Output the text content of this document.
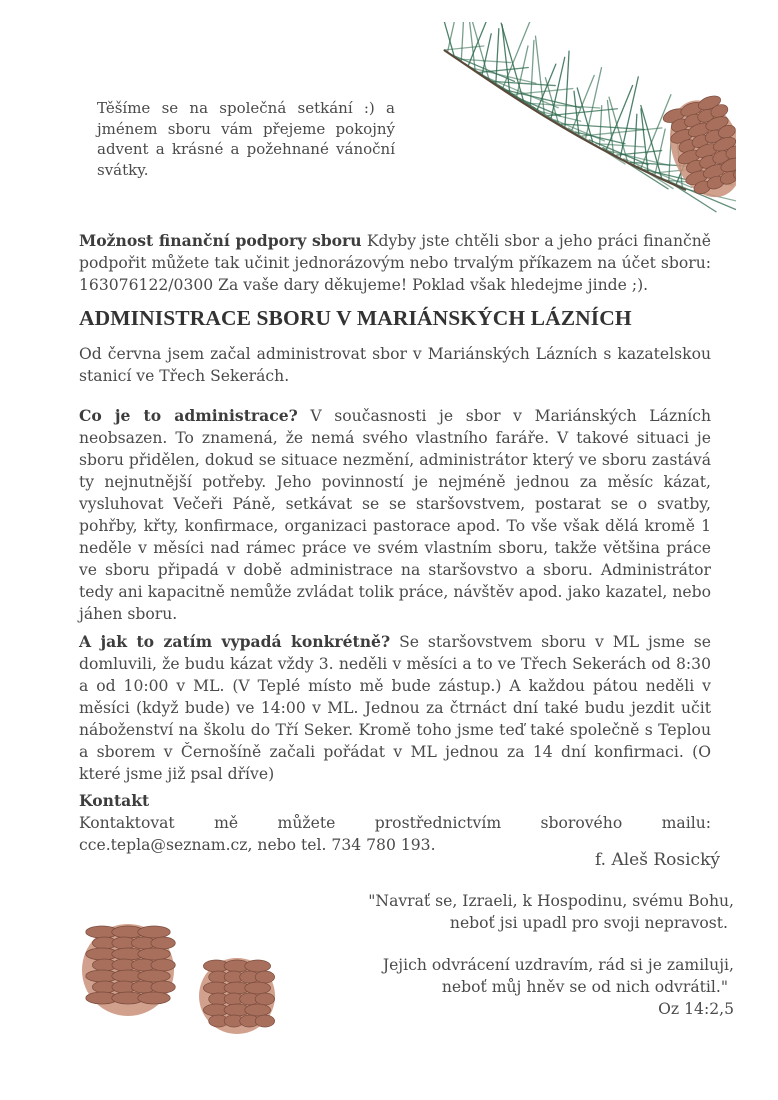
Těšíme se na společná setkání :) a jménem sboru vám přejeme pokojný advent a krásné a požehnané vánoční svátky.

Možnost finanční podpory sboru Kdyby jste chtěli sbor a jeho práci finančně podpořit můžete tak učinit jednorázovým nebo trvalým příkazem na účet sboru: 163076122/0300 Za vaše dary děkujeme! Poklad však hledejme jinde ;).

ADMINISTRACE SBORU V MARIÁNSKÝCH LÁZNÍCH

Od června jsem začal administrovat sbor v Mariánských Lázních s kazatelskou stanicí ve Třech Sekerách.

Co je to administrace? V současnosti je sbor v Mariánských Lázních neobsazen. To znamená, že nemá svého vlastního faráře. V takové situaci je sboru přidělen, dokud se situace nezmění, administrátor který ve sboru zastává ty nejnutnější potřeby. Jeho povinností je nejméně jednou za měsíc kázat, vysluhovat Večeři Páně, setkávat se se staršovstvem, postarat se o svatby, pohřby, křty, konfirmace, organizaci pastorace apod. To vše však dělá kromě 1 neděle v měsíci nad rámec práce ve svém vlastním sboru, takže většina práce ve sboru připadá v době administrace na staršovstvo a sboru. Administrátor tedy ani kapacitně nemůže zvládat tolik práce, návštěv apod. jako kazatel, nebo jáhen sboru.

A jak to zatím vypadá konkrétně? Se staršovstvem sboru v ML jsme se domluvili, že budu kázat vždy 3. neděli v měsíci a to ve Třech Sekerách od 8:30 a od 10:00 v ML. (V Teplé místo mě bude zástup.) A každou pátou neděli v měsíci (když bude) ve 14:00 v ML. Jednou za čtrnáct dní také budu jezdit učit náboženství na školu do Tří Seker. Kromě toho jsme teď také společně s Teplou a sborem v Černošíně začali pořádat v ML jednou za 14 dní konfirmaci. (O které jsme již psal dříve)

Kontakt
Kontaktovat mě můžete prostřednictvím sborového mailu: cce.tepla@seznam.cz, nebo tel. 734 780 193.

f. Aleš Rosický

"Navrať se, Izraeli, k Hospodinu, svému Bohu,
neboť jsi upadl pro svoji nepravost.
Jejich odvrácení uzdravím, rád si je zamiluji,
neboť můj hněv se od nich odvrátil."
Oz 14:2,5
